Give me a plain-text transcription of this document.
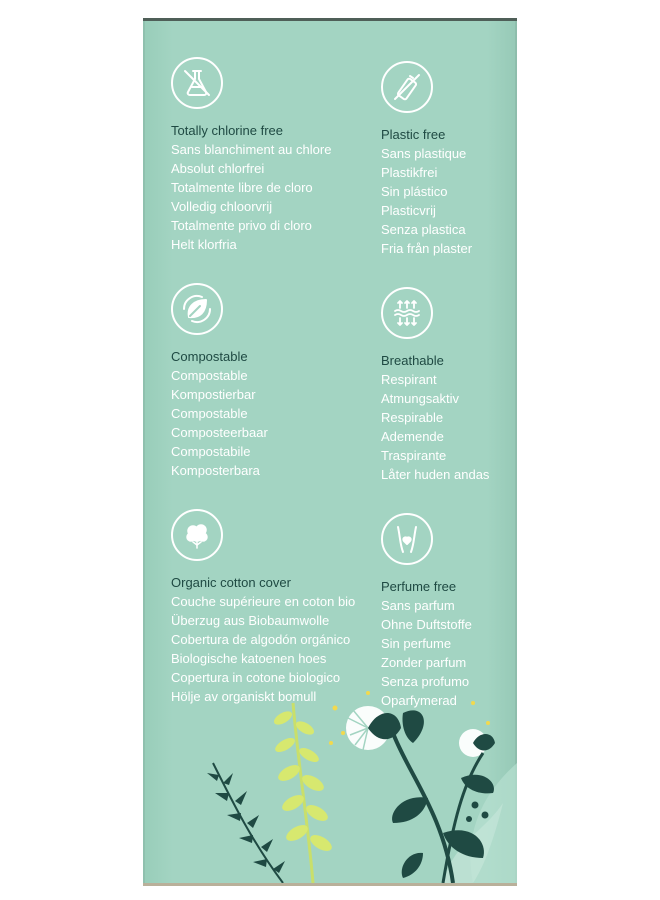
Totally chlorine free
Sans blanchiment au chlore
Absolut chlorfrei
Totalmente libre de cloro
Volledig chloorvrij
Totalmente privo di cloro
Helt klorfria
Plastic free
Sans plastique
Plastikfrei
Sin plástico
Plasticvrij
Senza plastica
Fria från plaster
Compostable
Compostable
Kompostierbar
Compostable
Composteerbaar
Compostabile
Komposterbara
Breathable
Respirant
Atmungsaktiv
Respirable
Ademende
Traspirante
Låter huden andas
Organic cotton cover
Couche supérieure en coton bio
Überzug aus Biobaumwolle
Cobertura de algodón orgánico
Biologische katoenen hoes
Copertura in cotone biologico
Hölje av organiskt bomull
Perfume free
Sans parfum
Ohne Duftstoffe
Sin perfume
Zonder parfum
Senza profumo
Oparfymerad
